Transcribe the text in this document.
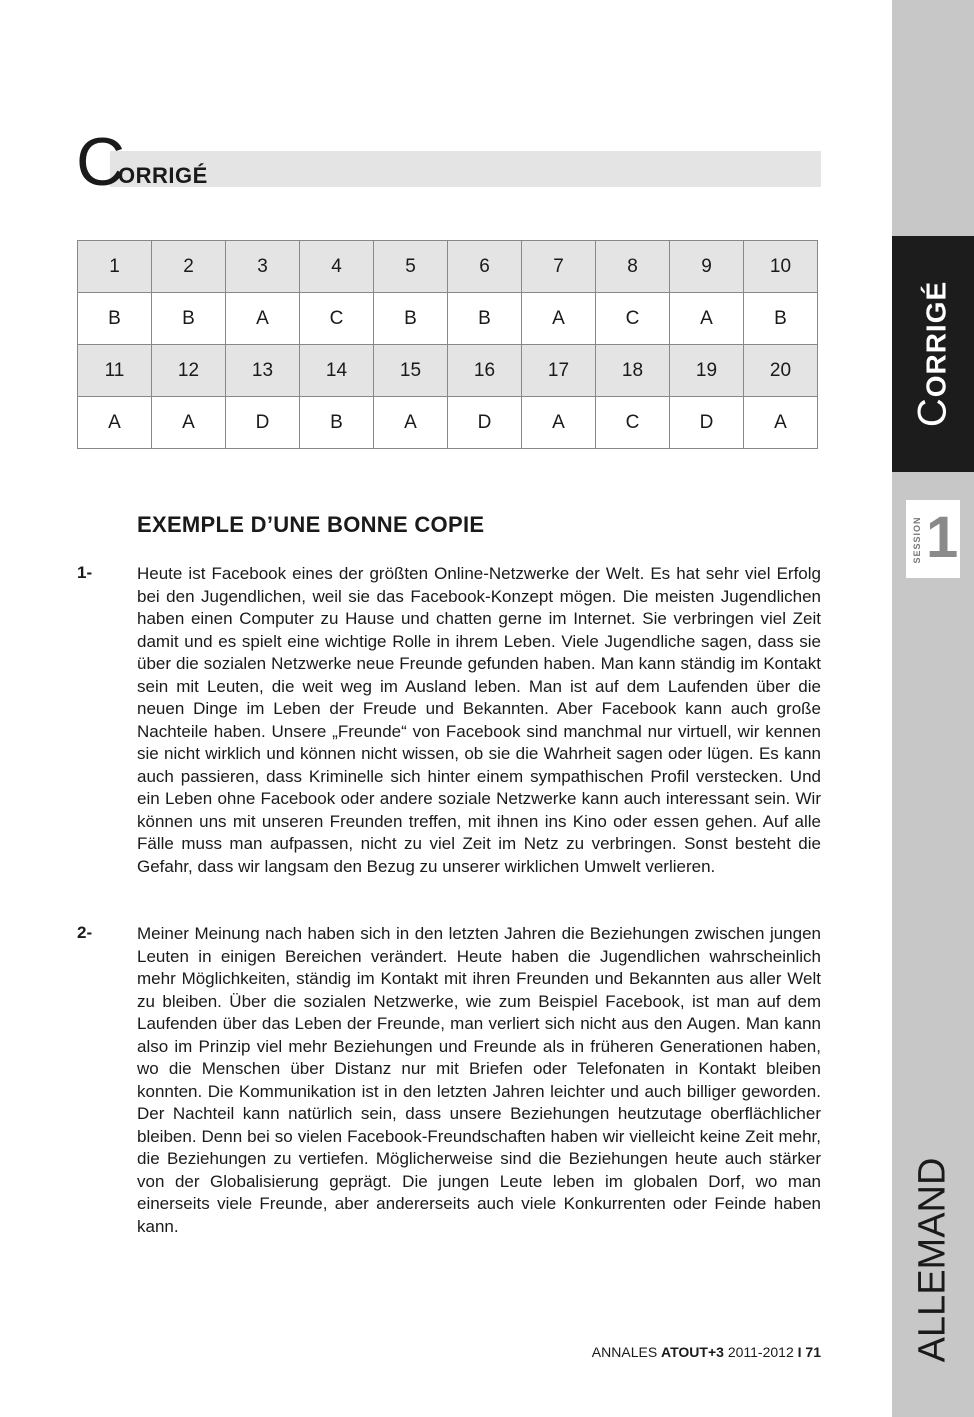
CORRIGÉ
SESSION 1
ALLEMAND
C
ORRIGÉ
1	2	3	4	5	6	7	8	9	10
B	B	A	C	B	B	A	C	A	B
11	12	13	14	15	16	17	18	19	20
A	A	D	B	A	D	A	C	D	A
EXEMPLE D’UNE BONNE COPIE
1-	Heute ist Facebook eines der größten Online-Netzwerke der Welt. Es hat sehr viel Erfolg bei den Jugendlichen, weil sie das Facebook-Konzept mögen. Die meisten Jugendlichen haben einen Computer zu Hause und chatten gerne im Internet. Sie verbringen viel Zeit damit und es spielt eine wichtige Rolle in ihrem Leben. Viele Jugendliche sagen, dass sie über die sozialen Netzwerke neue Freunde gefunden haben. Man kann ständig im Kontakt sein mit Leuten, die weit weg im Ausland leben. Man ist auf dem Laufenden über die neuen Dinge im Leben der Freude und Bekannten. Aber Facebook kann auch große Nachteile haben. Unsere „Freunde“ von Facebook sind manchmal nur virtuell, wir kennen sie nicht wirklich und können nicht wissen, ob sie die Wahrheit sagen oder lügen. Es kann auch passieren, dass Kriminelle sich hinter einem sympathischen Profil verstecken. Und ein Leben ohne Facebook oder andere soziale Netzwerke kann auch interessant sein. Wir können uns mit unseren Freunden treffen, mit ihnen ins Kino oder essen gehen. Auf alle Fälle muss man aufpassen, nicht zu viel Zeit im Netz zu verbringen. Sonst besteht die Gefahr, dass wir langsam den Bezug zu unserer wirklichen Umwelt verlieren.
2-	Meiner Meinung nach haben sich in den letzten Jahren die Beziehungen zwischen jungen Leuten in einigen Bereichen verändert. Heute haben die Jugendlichen wahrscheinlich mehr Möglichkeiten, ständig im Kontakt mit ihren Freunden und Bekannten aus aller Welt zu bleiben. Über die sozialen Netzwerke, wie zum Beispiel Facebook, ist man auf dem Laufenden über das Leben der Freunde, man verliert sich nicht aus den Augen. Man kann also im Prinzip viel mehr Beziehungen und Freunde als in früheren Generationen haben, wo die Menschen über Distanz nur mit Briefen oder Telefonaten in Kontakt bleiben konnten. Die Kommunikation ist in den letzten Jahren leichter und auch billiger geworden. Der Nachteil kann natürlich sein, dass unsere Beziehungen heutzutage oberflächlicher bleiben. Denn bei so vielen Facebook-Freundschaften haben wir vielleicht keine Zeit mehr, die Beziehungen zu vertiefen. Möglicherweise sind die Beziehungen heute auch stärker von der Globalisierung geprägt. Die jungen Leute leben im globalen Dorf, wo man einerseits viele Freunde, aber andererseits auch viele Konkurrenten oder Feinde haben kann.
ANNALES ATOUT+3 2011-2012 I 71
